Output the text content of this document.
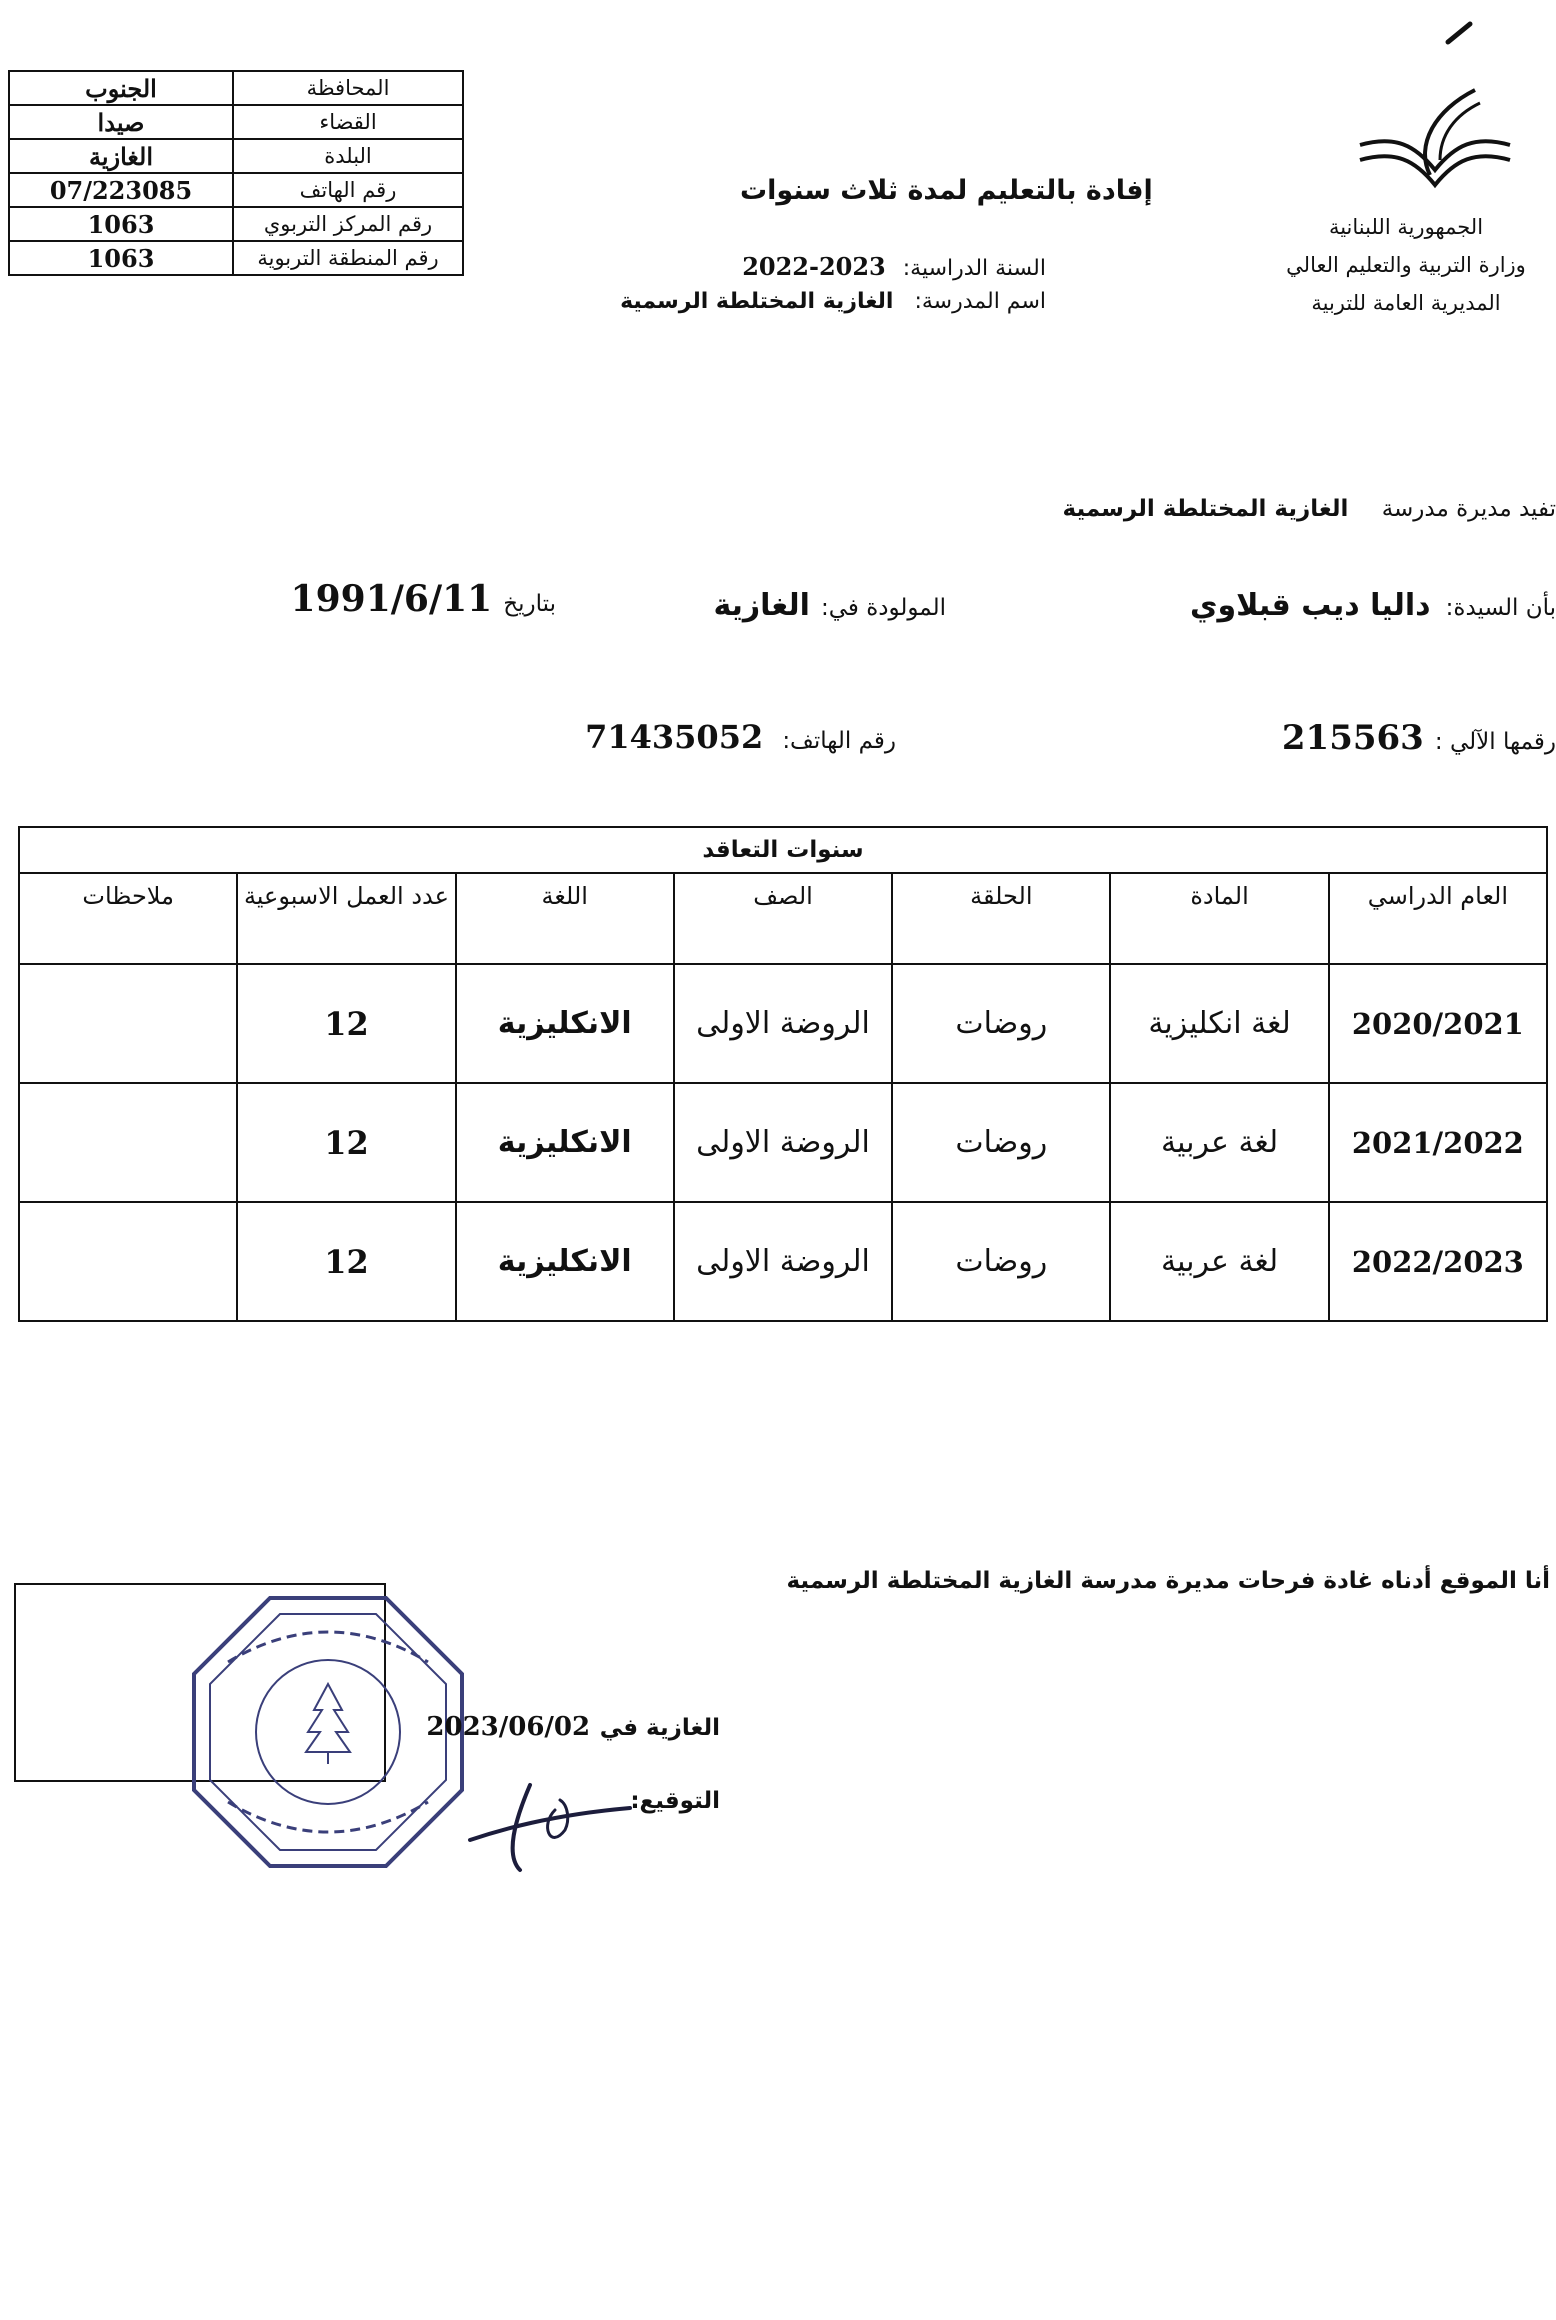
الجنوب	المحافظة
صيدا	القضاء
الغازية	البلدة
07/223085	رقم الهاتف
1063	رقم المركز التربوي
1063	رقم المنطقة التربوية
الجمهورية اللبنانية
وزارة التربية والتعليم العالي
المديرية العامة للتربية
إفادة بالتعليم لمدة ثلاث سنوات
السنة الدراسية: 2022-2023
اسم المدرسة: الغازية المختلطة الرسمية
تفيد مديرة مدرسة الغازية المختلطة الرسمية
بأن السيدة: داليا ديب قبلاوي
المولودة في: الغازية
بتاريخ 1991/6/11
رقمها الآلي : 215563
رقم الهاتف: 71435052
سنوات التعاقد						
العام الدراسي	المادة	الحلقة	الصف	اللغة	عدد العمل الاسبوعية	ملاحظات
2020/2021	لغة انكليزية	روضات	الروضة الاولى	الانكليزية	12	
2021/2022	لغة عربية	روضات	الروضة الاولى	الانكليزية	12	
2022/2023	لغة عربية	روضات	الروضة الاولى	الانكليزية	12	
أنا الموقع أدناه غادة فرحات مديرة مدرسة الغازية المختلطة الرسمية
الغازية في 2023/06/02
التوقيع:
